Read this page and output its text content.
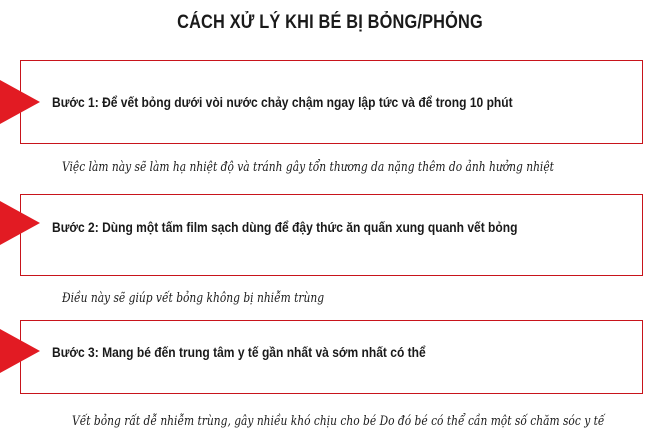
CÁCH XỬ LÝ KHI BÉ BỊ BỎNG/PHỎNG
Bước 1: Để vết bỏng dưới vòi nước chảy chậm ngay lập tức và để trong 10 phút
Việc làm này sẽ làm hạ nhiệt độ và tránh gây tổn thương da nặng thêm do ảnh hưởng nhiệt
Bước 2: Dùng một tấm film sạch dùng để đậy thức ăn quấn xung quanh vết bỏng
Điều này sẽ giúp vết bỏng không bị nhiễm trùng
Bước 3: Mang bé đến trung tâm y tế gần nhất và sớm nhất có thể
Vết bỏng rất dễ nhiễm trùng, gây nhiều khó chịu cho bé Do đó bé có thể cần một số chăm sóc y tế
